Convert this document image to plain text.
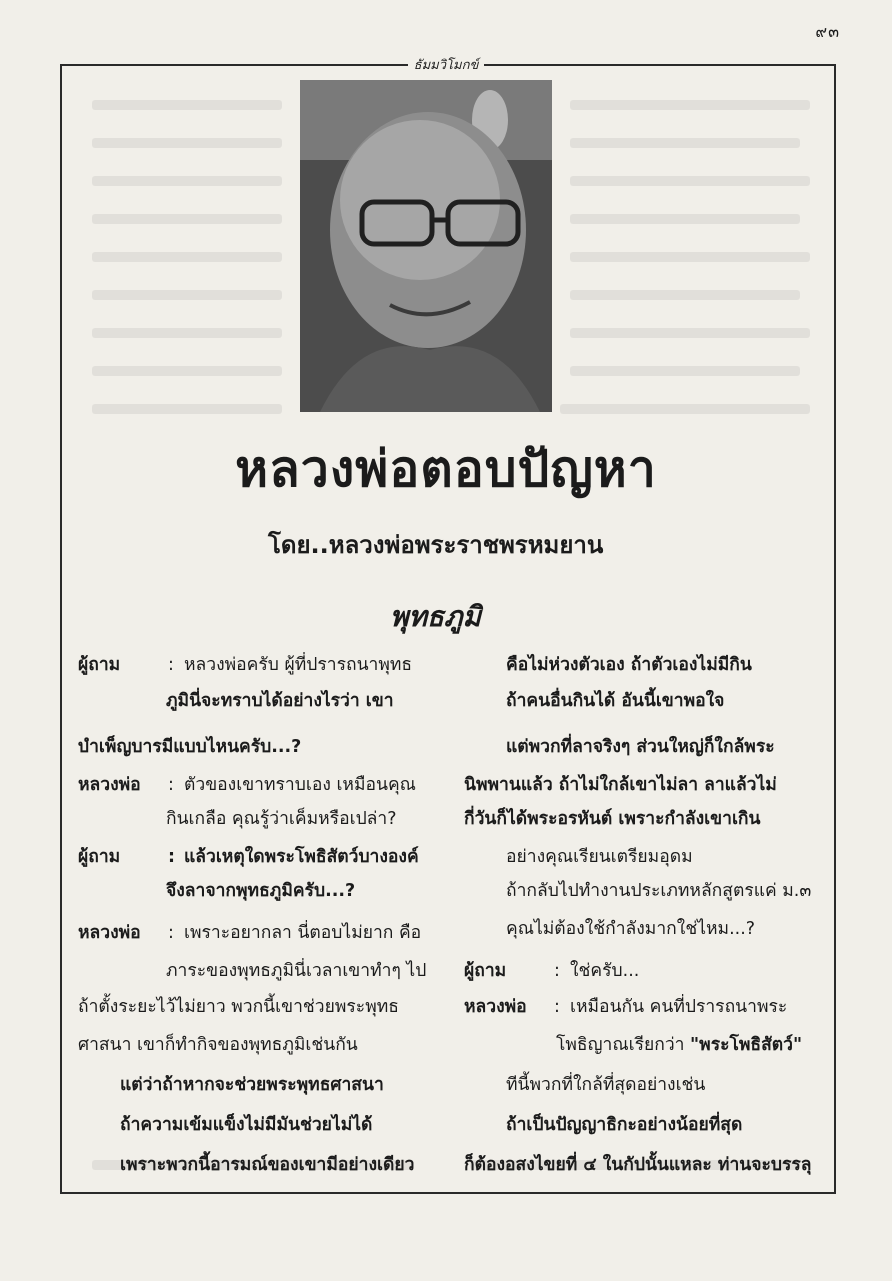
๙๓
ธัมมวิโมกข์
หลวงพ่อตอบปัญหา
โดย..หลวงพ่อพระราชพรหมยาน
พุทธภูมิ
ผู้ถาม	: หลวงพ่อครับ ผู้ที่ปรารถนาพุทธ
ภูมินี่จะทราบได้อย่างไรว่า เขา
บำเพ็ญบารมีแบบไหนครับ...?
หลวงพ่อ : ตัวของเขาทราบเอง เหมือนคุณ
กินเกลือ คุณรู้ว่าเค็มหรือเปล่า?
ผู้ถาม	: แล้วเหตุใดพระโพธิสัตว์บางองค์
จึงลาจากพุทธภูมิครับ...?
หลวงพ่อ : เพราะอยากลา นี่ตอบไม่ยาก คือ
ภาระของพุทธภูมินี่เวลาเขาทำๆ ไป
ถ้าตั้งระยะไว้ไม่ยาว พวกนี้เขาช่วยพระพุทธ
ศาสนา เขาก็ทำกิจของพุทธภูมิเช่นกัน
แต่ว่าถ้าหากจะช่วยพระพุทธศาสนา
ถ้าความเข้มแข็งไม่มีมันช่วยไม่ได้
เพราะพวกนี้อารมณ์ของเขามีอย่างเดียว
คือไม่ห่วงตัวเอง ถ้าตัวเองไม่มีกิน
ถ้าคนอื่นกินได้ อันนี้เขาพอใจ
แต่พวกที่ลาจริงๆ ส่วนใหญ่ก็ใกล้พระ
นิพพานแล้ว ถ้าไม่ใกล้เขาไม่ลา ลาแล้วไม่
กี่วันก็ได้พระอรหันต์ เพราะกำลังเขาเกิน
อย่างคุณเรียนเตรียมอุดม
ถ้ากลับไปทำงานประเภทหลักสูตรแค่ ม.๓
คุณไม่ต้องใช้กำลังมากใช่ไหม...?
ผู้ถาม	: ใช่ครับ...
หลวงพ่อ : เหมือนกัน คนที่ปรารถนาพระ
โพธิญาณเรียกว่า "พระโพธิสัตว์"
ทีนี้พวกที่ใกล้ที่สุดอย่างเช่น
ถ้าเป็นปัญญาธิกะอย่างน้อยที่สุด
ก็ต้องอสงไขยที่ ๔ ในกัปนั้นแหละ ท่านจะบรรลุ
